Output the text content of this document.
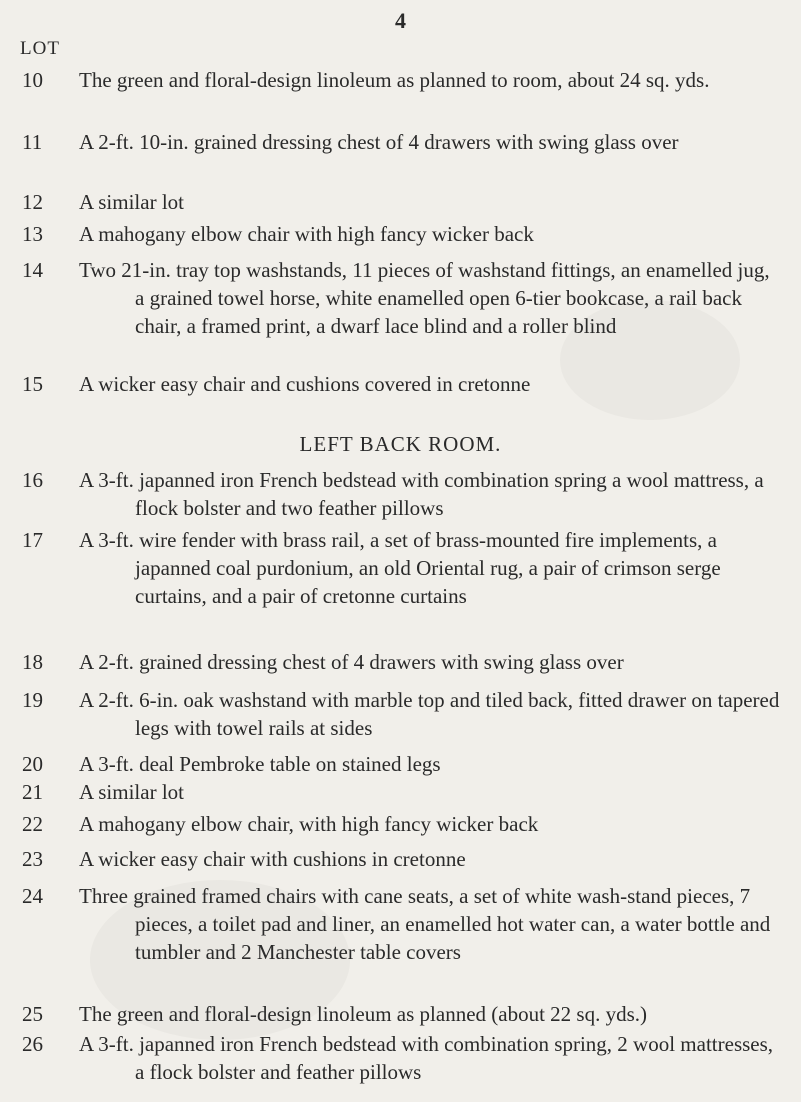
4
LOT
10	The green and floral-design linoleum as planned to room, about 24 sq. yds.
11	A 2-ft. 10-in. grained dressing chest of 4 drawers with swing glass over
12	A similar lot
13	A mahogany elbow chair with high fancy wicker back
14	Two 21-in. tray top washstands, 11 pieces of washstand fittings, an enamelled jug, a grained towel horse, white enamelled open 6-tier bookcase, a rail back chair, a framed print, a dwarf lace blind and a roller blind
15	A wicker easy chair and cushions covered in cretonne
LEFT BACK ROOM.
16	A 3-ft. japanned iron French bedstead with combination spring a wool mattress, a flock bolster and two feather pillows
17	A 3-ft. wire fender with brass rail, a set of brass-mounted fire implements, a japanned coal purdonium, an old Oriental rug, a pair of crimson serge curtains, and a pair of cretonne curtains
18	A 2-ft. grained dressing chest of 4 drawers with swing glass over
19	A 2-ft. 6-in. oak washstand with marble top and tiled back, fitted drawer on tapered legs with towel rails at sides
20	A 3-ft. deal Pembroke table on stained legs
21	A similar lot
22	A mahogany elbow chair, with high fancy wicker back
23	A wicker easy chair with cushions in cretonne
24	Three grained framed chairs with cane seats, a set of white wash-stand pieces, 7 pieces, a toilet pad and liner, an enamelled hot water can, a water bottle and tumbler and 2 Manchester table covers
25	The green and floral-design linoleum as planned (about 22 sq. yds.)
26	A 3-ft. japanned iron French bedstead with combination spring, 2 wool mattresses, a flock bolster and feather pillows
